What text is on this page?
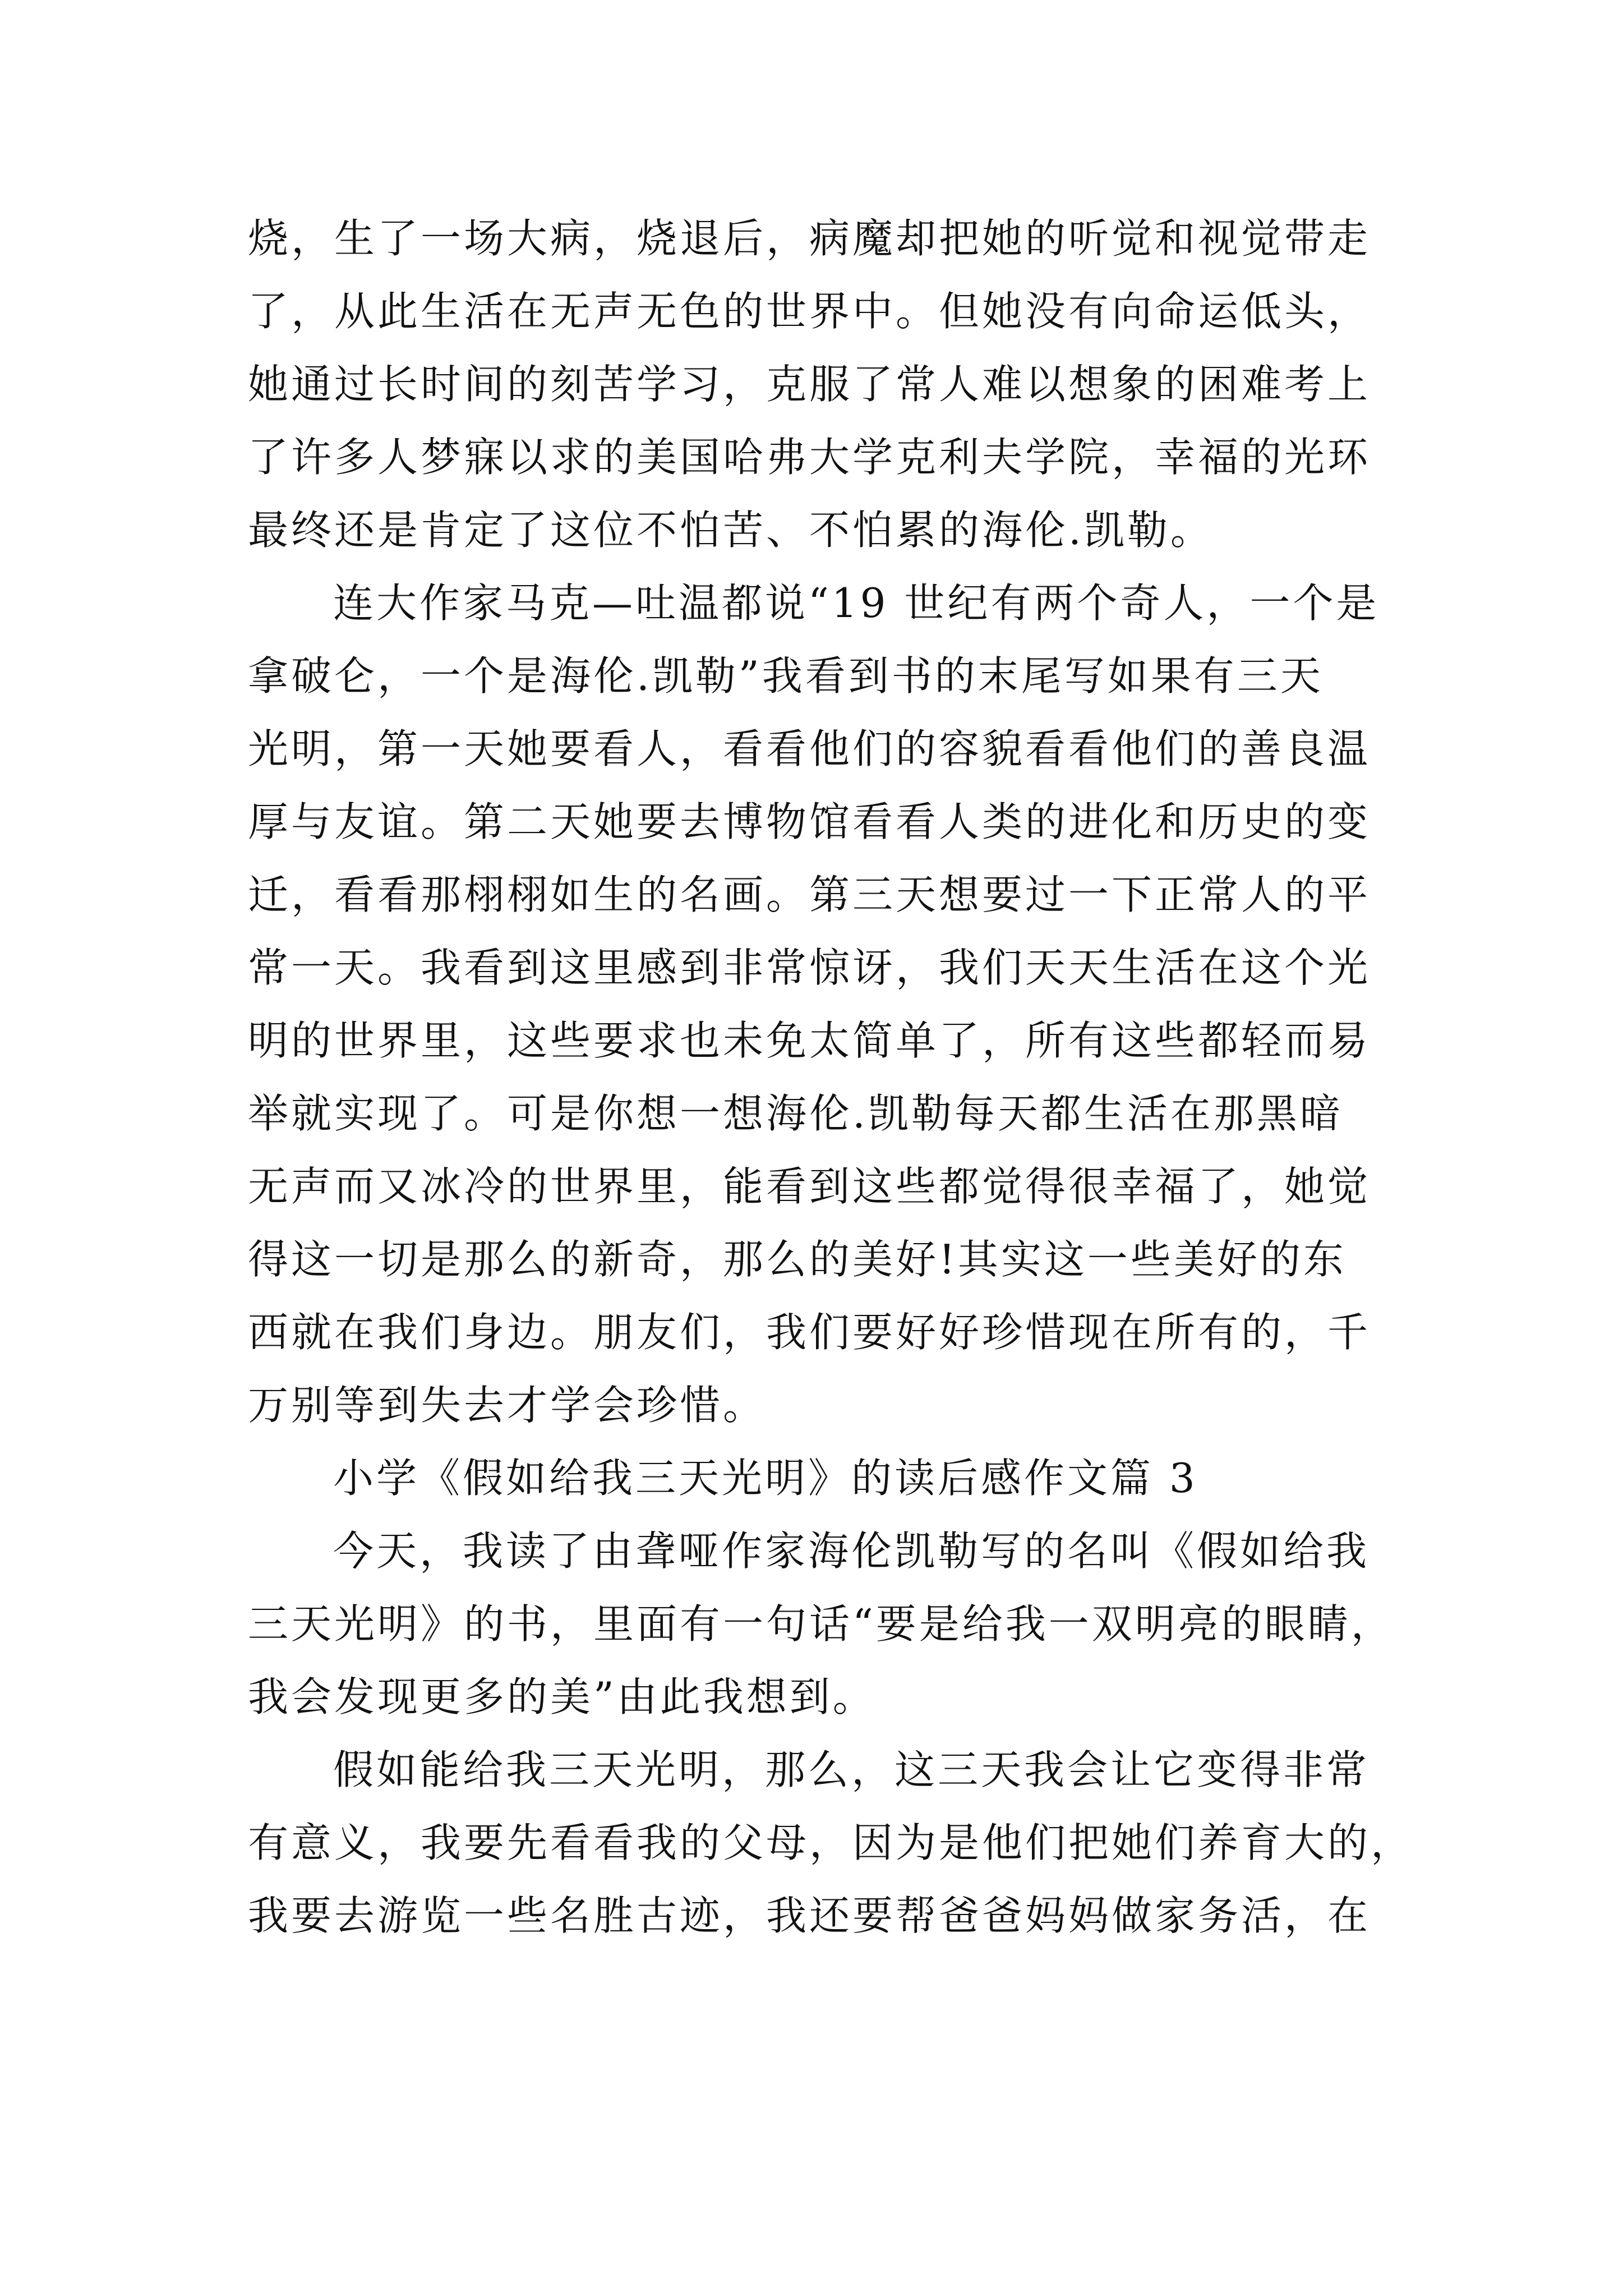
烧，生了一场大病，烧退后，病魔却把她的听觉和视觉带走
了，从此生活在无声无色的世界中。但她没有向命运低头，
她通过长时间的刻苦学习，克服了常人难以想象的困难考上
了许多人梦寐以求的美国哈弗大学克利夫学院，幸福的光环
最终还是肯定了这位不怕苦、不怕累的海伦.凯勒。
连大作家马克—吐温都说“19 世纪有两个奇人，一个是
拿破仑，一个是海伦.凯勒”我看到书的末尾写如果有三天
光明，第一天她要看人，看看他们的容貌看看他们的善良温
厚与友谊。第二天她要去博物馆看看人类的进化和历史的变
迁，看看那栩栩如生的名画。第三天想要过一下正常人的平
常一天。我看到这里感到非常惊讶，我们天天生活在这个光
明的世界里，这些要求也未免太简单了，所有这些都轻而易
举就实现了。可是你想一想海伦.凯勒每天都生活在那黑暗
无声而又冰冷的世界里，能看到这些都觉得很幸福了，她觉
得这一切是那么的新奇，那么的美好!其实这一些美好的东
西就在我们身边。朋友们，我们要好好珍惜现在所有的，千
万别等到失去才学会珍惜。
小学《假如给我三天光明》的读后感作文篇 3
今天，我读了由聋哑作家海伦凯勒写的名叫《假如给我
三天光明》的书，里面有一句话“要是给我一双明亮的眼睛，
我会发现更多的美”由此我想到。
假如能给我三天光明，那么，这三天我会让它变得非常
有意义，我要先看看我的父母，因为是他们把她们养育大的，
我要去游览一些名胜古迹，我还要帮爸爸妈妈做家务活，在
